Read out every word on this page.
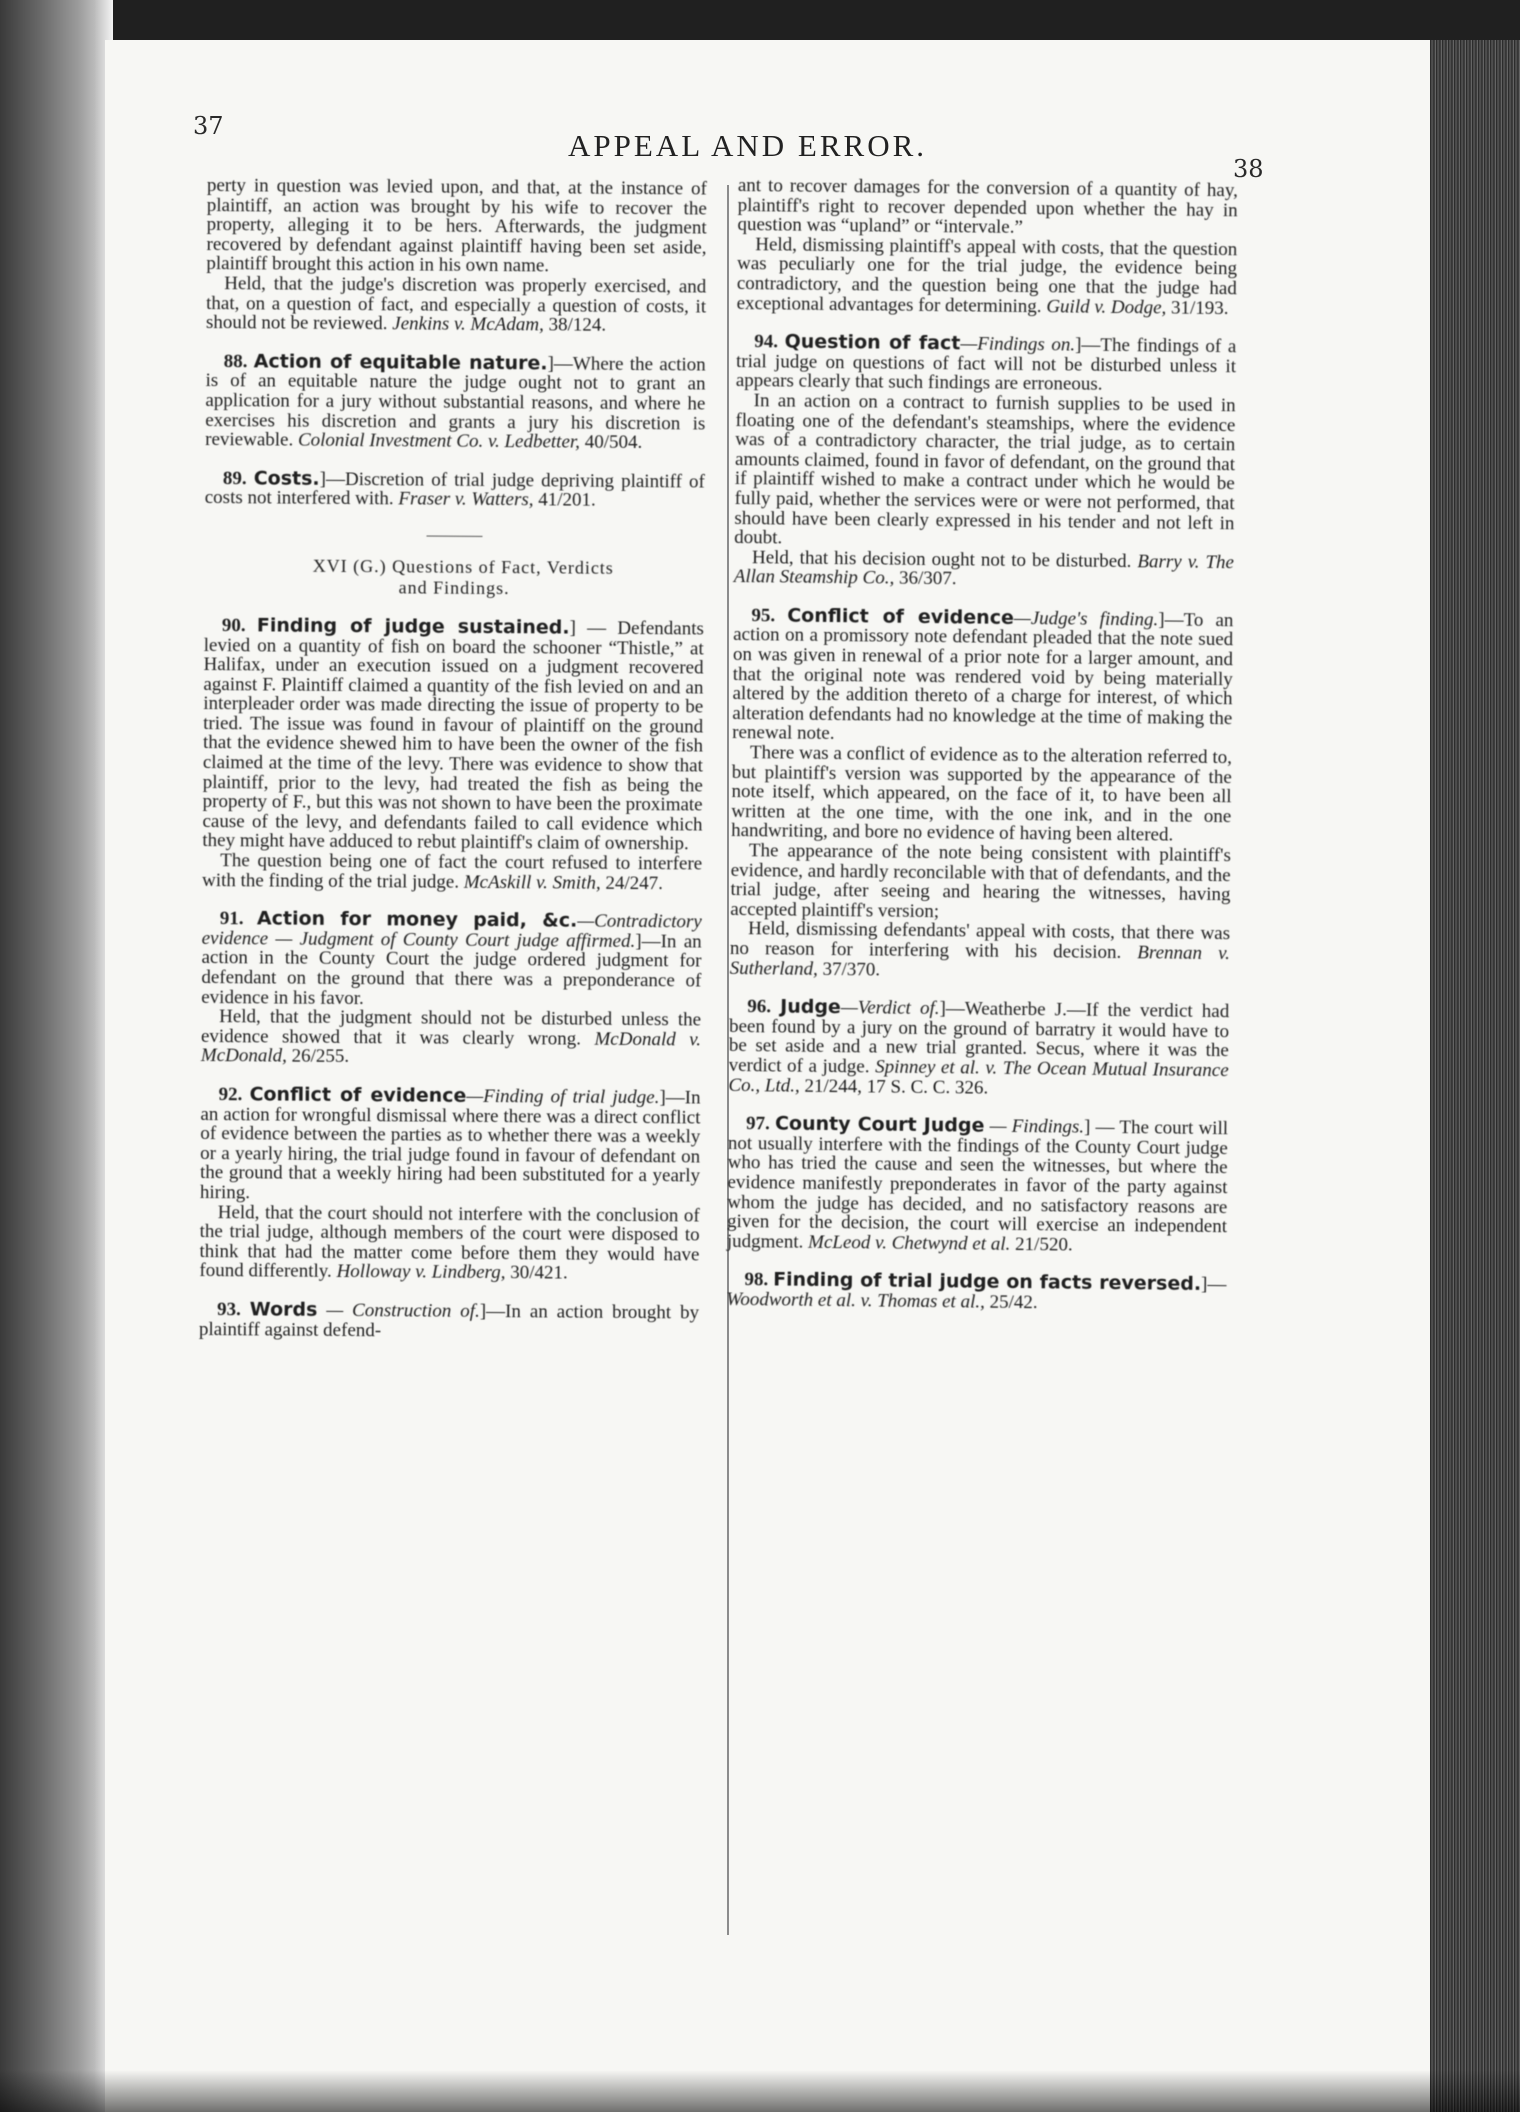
37
APPEAL AND ERROR.
38

perty in question was levied upon, and that, at the instance of plaintiff, an action was brought by his wife to recover the property, alleging it to be hers. Afterwards, the judgment recovered by defendant against plaintiff having been set aside, plaintiff brought this action in his own name.

Held, that the judge's discretion was properly exercised, and that, on a question of fact, and especially a question of costs, it should not be reviewed. Jenkins v. McAdam, 38/124.

88. Action of equitable nature.]—Where the action is of an equitable nature the judge ought not to grant an application for a jury without substantial reasons, and where he exercises his discretion and grants a jury his discretion is reviewable. Colonial Investment Co. v. Ledbetter, 40/504.

89. Costs.]—Discretion of trial judge depriving plaintiff of costs not interfered with. Fraser v. Watters, 41/201.

XVI (G.) Questions of Fact, Verdicts
and Findings.

90. Finding of judge sustained.] — Defendants levied on a quantity of fish on board the schooner “Thistle,” at Halifax, under an execution issued on a judgment recovered against F. Plaintiff claimed a quantity of the fish levied on and an interpleader order was made directing the issue of property to be tried. The issue was found in favour of plaintiff on the ground that the evidence shewed him to have been the owner of the fish claimed at the time of the levy. There was evidence to show that plaintiff, prior to the levy, had treated the fish as being the property of F., but this was not shown to have been the proximate cause of the levy, and defendants failed to call evidence which they might have adduced to rebut plaintiff's claim of ownership.

The question being one of fact the court refused to interfere with the finding of the trial judge. McAskill v. Smith, 24/247.

91. Action for money paid, &c.—Contradictory evidence — Judgment of County Court judge affirmed.]—In an action in the County Court the judge ordered judgment for defendant on the ground that there was a preponderance of evidence in his favor.

Held, that the judgment should not be disturbed unless the evidence showed that it was clearly wrong. McDonald v. McDonald, 26/255.

92. Conflict of evidence—Finding of trial judge.]—In an action for wrongful dismissal where there was a direct conflict of evidence between the parties as to whether there was a weekly or a yearly hiring, the trial judge found in favour of defendant on the ground that a weekly hiring had been substituted for a yearly hiring.

Held, that the court should not interfere with the conclusion of the trial judge, although members of the court were disposed to think that had the matter come before them they would have found differently. Holloway v. Lindberg, 30/421.

93. Words — Construction of.]—In an action brought by plaintiff against defend-

ant to recover damages for the conversion of a quantity of hay, plaintiff's right to recover depended upon whether the hay in question was “upland” or “intervale.”

Held, dismissing plaintiff's appeal with costs, that the question was peculiarly one for the trial judge, the evidence being contradictory, and the question being one that the judge had exceptional advantages for determining. Guild v. Dodge, 31/193.

94. Question of fact—Findings on.]—The findings of a trial judge on questions of fact will not be disturbed unless it appears clearly that such findings are erroneous.

In an action on a contract to furnish supplies to be used in floating one of the defendant's steamships, where the evidence was of a contradictory character, the trial judge, as to certain amounts claimed, found in favor of defendant, on the ground that if plaintiff wished to make a contract under which he would be fully paid, whether the services were or were not performed, that should have been clearly expressed in his tender and not left in doubt.

Held, that his decision ought not to be disturbed. Barry v. The Allan Steamship Co., 36/307.

95. Conflict of evidence—Judge's finding.]—To an action on a promissory note defendant pleaded that the note sued on was given in renewal of a prior note for a larger amount, and that the original note was rendered void by being materially altered by the addition thereto of a charge for interest, of which alteration defendants had no knowledge at the time of making the renewal note.

There was a conflict of evidence as to the alteration referred to, but plaintiff's version was supported by the appearance of the note itself, which appeared, on the face of it, to have been all written at the one time, with the one ink, and in the one handwriting, and bore no evidence of having been altered.

The appearance of the note being consistent with plaintiff's evidence, and hardly reconcilable with that of defendants, and the trial judge, after seeing and hearing the witnesses, having accepted plaintiff's version;

Held, dismissing defendants' appeal with costs, that there was no reason for interfering with his decision. Brennan v. Sutherland, 37/370.

96. Judge—Verdict of.]—Weatherbe J.—If the verdict had been found by a jury on the ground of barratry it would have to be set aside and a new trial granted. Secus, where it was the verdict of a judge. Spinney et al. v. The Ocean Mutual Insurance Co., Ltd., 21/244, 17 S. C. C. 326.

97. County Court Judge — Findings.] — The court will not usually interfere with the findings of the County Court judge who has tried the cause and seen the witnesses, but where the evidence manifestly preponderates in favor of the party against whom the judge has decided, and no satisfactory reasons are given for the decision, the court will exercise an independent judgment. McLeod v. Chetwynd et al. 21/520.

98. Finding of trial judge on facts reversed.]—Woodworth et al. v. Thomas et al., 25/42.
